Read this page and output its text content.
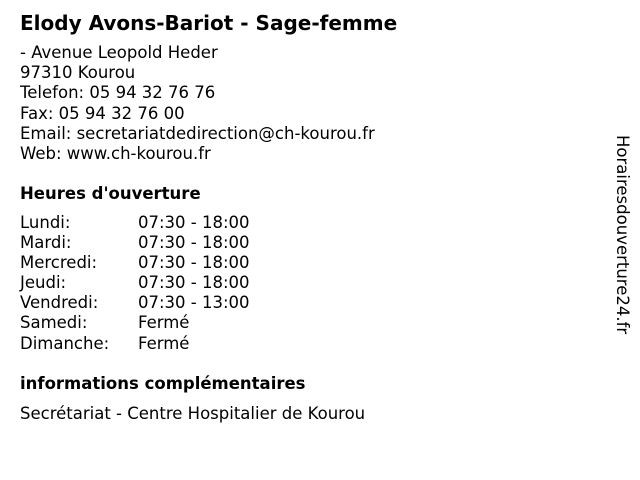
Elody Avons-Bariot - Sage-femme
- Avenue Leopold Heder
97310 Kourou
Telefon: 05 94 32 76 76
Fax: 05 94 32 76 00
Email: secretariatdedirection@ch-kourou.fr
Web: www.ch-kourou.fr
Heures d'ouverture
Lundi:	07:30 - 18:00
Mardi:	07:30 - 18:00
Mercredi: 07:30 - 18:00
Jeudi:	07:30 - 18:00
Vendredi: 07:30 - 13:00
Samedi:	Fermé
Dimanche: Fermé
informations complémentaires
Secrétariat - Centre Hospitalier de Kourou
Horairesdouverture24.fr
